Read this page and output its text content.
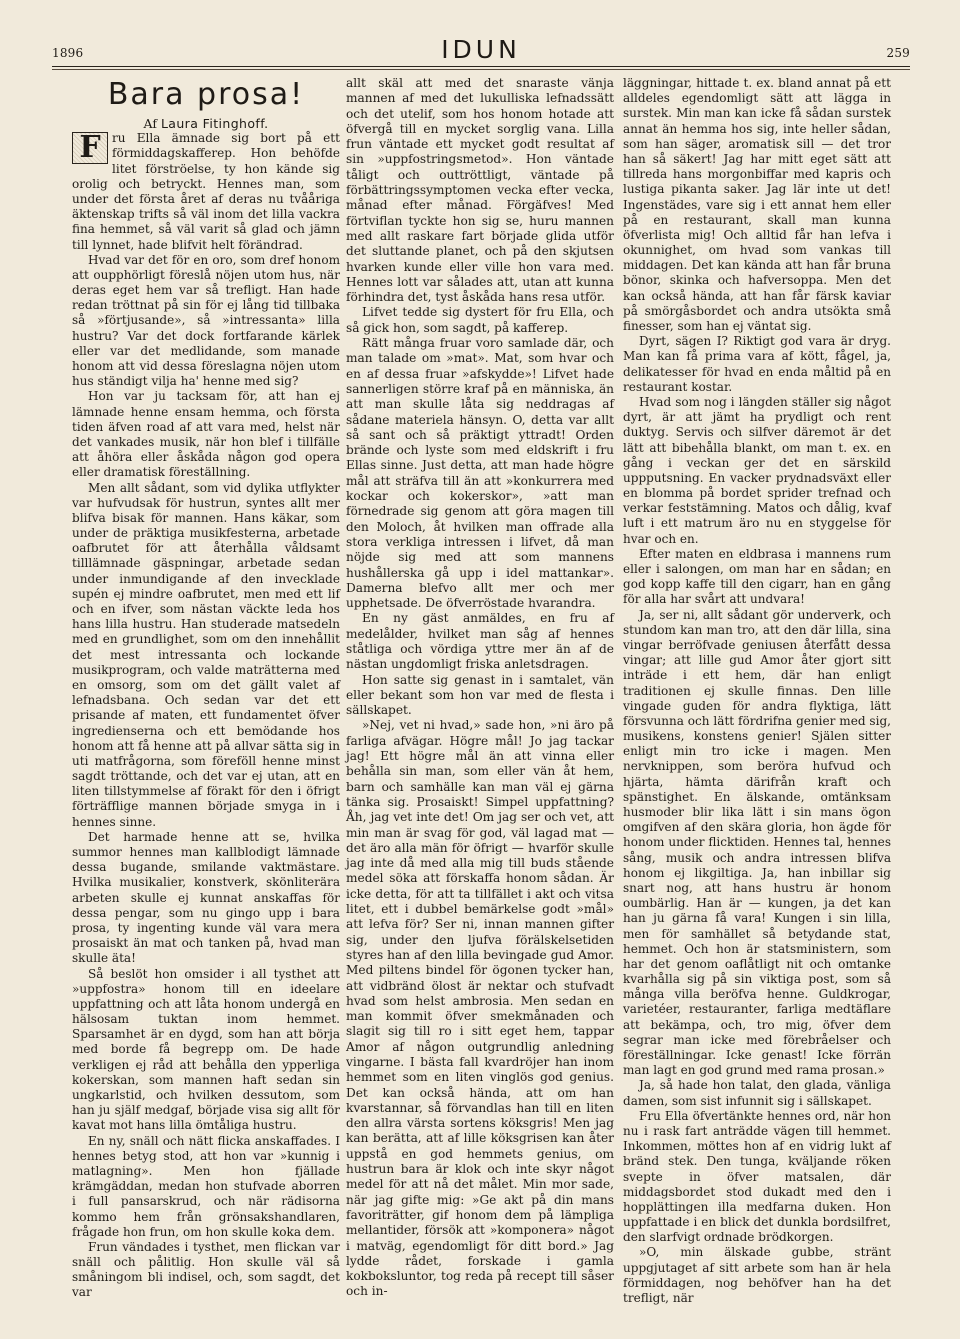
1896	IDUN	259
Bara prosa!

Af Laura Fitinghoff.

F ru Ella ämnade sig bort på ett förmiddagskafferep. Hon behöfde litet förströelse, ty hon kände sig orolig och betryckt. Hennes man, som under det första året af deras nu tvååriga äktenskap trifts så väl inom det lilla vackra fina hemmet, så väl varit så glad och jämn till lynnet, hade blifvit helt förändrad.

Hvad var det för en oro, som dref honom att oupphörligt föreslå nöjen utom hus, när deras eget hem var så trefligt. Han hade redan tröttnat på sin för ej lång tid tillbaka så »förtjusande», så »intressanta» lilla hustru? Var det dock fortfarande kärlek eller var det medlidande, som manade honom att vid dessa föreslagna nöjen utom hus ständigt vilja ha' henne med sig?

Hon var ju tacksam för, att han ej lämnade henne ensam hemma, och första tiden äfven road af att vara med, helst när det vankades musik, när hon blef i tillfälle att åhöra eller åskåda någon god opera eller dramatisk föreställning.

Men allt sådant, som vid dylika utflykter var hufvudsak för hustrun, syntes allt mer blifva bisak för mannen. Hans käkar, som under de präktiga musikfesterna, arbetade oafbrutet för att återhålla våldsamt tilllämnade gäspningar, arbetade sedan under inmundigande af den invecklade supén ej mindre oafbrutet, men med ett lif och en ifver, som nästan väckte leda hos hans lilla hustru. Han studerade matsedeln med en grundlighet, som om den innehållit det mest intressanta och lockande musikprogram, och valde maträtterna med en omsorg, som om det gällt valet af lefnadsbana. Och sedan var det ett prisande af maten, ett fundamentet öfver ingredienserna och ett bemödande hos honom att få henne att på allvar sätta sig in uti matfrågorna, som föreföll henne minst sagdt tröttande, och det var ej utan, att en liten tillstymmelse af förakt för den i öfrigt förträfflige mannen började smyga in i hennes sinne.

Det harmade henne att se, hvilka summor hennes man kallblodigt lämnade dessa bugande, smilande vaktmästare. Hvilka musikalier, konstverk, skönliterära arbeten skulle ej kunnat anskaffas för dessa pengar, som nu gingo upp i bara prosa, ty ingenting kunde väl vara mera prosaiskt än mat och tanken på, hvad man skulle äta!

Så beslöt hon omsider i all tysthet att »uppfostra» honom till en ideelare uppfattning och att låta honom undergå en hälsosam tuktan inom hemmet. Sparsamhet är en dygd, som han att börja med borde få begrepp om. De hade verkligen ej råd att behålla den ypperliga kokerskan, som mannen haft sedan sin ungkarlstid, och hvilken dessutom, som han ju själf medgaf, började visa sig allt för kavat mot hans lilla ömtåliga hustru.

En ny, snäll och nätt flicka anskaffades. I hennes betyg stod, att hon var »kunnig i matlagning». Men hon fjällade krämgäddan, medan hon stufvade aborren i full pansarskrud, och när rädisorna kommo hem från grönsakshandlaren, frågade hon frun, om hon skulle koka dem.

Frun vändades i tysthet, men flickan var snäll och pålitlig. Hon skulle väl så småningom bli indisel, och, som sagdt, det var

allt skäl att med det snaraste vänja mannen af med det lukulliska lefnadssätt och det utelif, som hos honom hotade att öfvergå till en mycket sorglig vana. Lilla frun väntade ett mycket godt resultat af sin »uppfostringsmetod». Hon väntade tåligt och outtröttligt, väntade på förbättringssymptomen vecka efter vecka, månad efter månad. Förgäfves! Med förtviflan tyckte hon sig se, huru mannen med allt raskare fart började glida utför det sluttande planet, och på den skjutsen hvarken kunde eller ville hon vara med. Hennes lott var sålades att, utan att kunna förhindra det, tyst åskåda hans resa utför.

Lifvet tedde sig dystert för fru Ella, och så gick hon, som sagdt, på kafferep.

Rätt många fruar voro samlade där, och man talade om »mat». Mat, som hvar och en af dessa fruar »afskydde»! Lifvet hade sannerligen större kraf på en människa, än att man skulle låta sig neddragas af sådane materiela hänsyn. O, detta var allt så sant och så präktigt yttradt! Orden brände och lyste som med eldskrift i fru Ellas sinne. Just detta, att man hade högre mål att sträfva till än att »konkurrera med kockar och kokerskor», »att man förnedrade sig genom att göra magen till den Moloch, åt hvilken man offrade alla stora verkliga intressen i lifvet, då man nöjde sig med att som mannens hushållerska gå upp i idel mattankar». Damerna blefvo allt mer och mer upphetsade. De öfverröstade hvarandra.

En ny gäst anmäldes, en fru af medelålder, hvilket man såg af hennes ståtliga och vördiga yttre mer än af de nästan ungdomligt friska anletsdragen.

Hon satte sig genast in i samtalet, vän eller bekant som hon var med de flesta i sällskapet.

»Nej, vet ni hvad,» sade hon, »ni äro på farliga afvägar. Högre mål! Jo jag tackar jag! Ett högre mål än att vinna eller behålla sin man, som eller vän åt hem, barn och samhälle kan man väl ej gärna tänka sig. Prosaiskt! Simpel uppfattning? Åh, jag vet inte det! Om jag ser och vet, att min man är svag för god, väl lagad mat — det äro alla män för öfrigt — hvarför skulle jag inte då med alla mig till buds stående medel söka att förskaffa honom sådan. Är icke detta, för att ta tillfället i akt och vitsa litet, ett i dubbel bemärkelse godt »mål» att lefva för? Ser ni, innan mannen gifter sig, under den ljufva förälskelsetiden styres han af den lilla bevingade gud Amor. Med piltens bindel för ögonen tycker han, att vidbränd ölost är nektar och stufvadt hvad som helst ambrosia. Men sedan en man kommit öfver smekmånaden och slagit sig till ro i sitt eget hem, tappar Amor af någon outgrundlig anledning vingarne. I bästa fall kvardröjer han inom hemmet som en liten vinglös god genius. Det kan också hända, att om han kvarstannar, så förvandlas han till en liten den allra värsta sortens köksgris! Men jag kan berätta, att af lille köksgrisen kan åter uppstå en god hemmets genius, om hustrun bara är klok och inte skyr något medel för att nå det målet. Min mor sade, när jag gifte mig: »Ge akt på din mans favoriträtter, gif honom dem på lämpliga mellantider, försök att »komponera» något i matväg, egendomligt för ditt bord.» Jag lydde rådet, forskade i gamla kokboksluntor, tog reda på recept till såser och in-

läggningar, hittade t. ex. bland annat på ett alldeles egendomligt sätt att lägga in surstek. Min man kan icke få sådan surstek annat än hemma hos sig, inte heller sådan, som han säger, aromatisk sill — det tror han så säkert! Jag har mitt eget sätt att tillreda hans morgonbiffar med kapris och lustiga pikanta saker. Jag lär inte ut det! Ingenstädes, vare sig i ett annat hem eller på en restaurant, skall man kunna öfverlista mig! Och alltid får han lefva i okunnighet, om hvad som vankas till middagen. Det kan kända att han får bruna bönor, skinka och hafversoppa. Men det kan också hända, att han får färsk kaviar på smörgåsbordet och andra utsökta små finesser, som han ej väntat sig.

Dyrt, sägen I? Riktigt god vara är dryg. Man kan få prima vara af kött, fågel, ja, delikatesser för hvad en enda måltid på en restaurant kostar.

Hvad som nog i längden ställer sig något dyrt, är att jämt ha prydligt och rent duktyg. Servis och silfver däremot är det lätt att bibehålla blankt, om man t. ex. en gång i veckan ger det en särskild uppputsning. En vacker prydnadsväxt eller en blomma på bordet sprider trefnad och verkar feststämning. Matos och dålig, kvaf luft i ett matrum äro nu en styggelse för hvar och en.

Efter maten en eldbrasa i mannens rum eller i salongen, om man har en sådan; en god kopp kaffe till den cigarr, han en gång för alla har svårt att undvara!

Ja, ser ni, allt sådant gör underverk, och stundom kan man tro, att den där lilla, sina vingar berröfvade geniusen återfått dessa vingar; att lille gud Amor åter gjort sitt inträde i ett hem, där han enligt traditionen ej skulle finnas. Den lille vingade guden för andra flyktiga, lätt försvunna och lätt fördrifna genier med sig, musikens, konstens genier! Själen sitter enligt min tro icke i magen. Men nervknippen, som beröra hufvud och hjärta, hämta därifrån kraft och spänstighet. En älskande, omtänksam husmoder blir lika lätt i sin mans ögon omgifven af den skära gloria, hon ägde för honom under flicktiden. Hennes tal, hennes sång, musik och andra intressen blifva honom ej likgiltiga. Ja, han inbillar sig snart nog, att hans hustru är honom oumbärlig. Han är — kungen, ja det kan han ju gärna få vara! Kungen i sin lilla, men för samhället så betydande stat, hemmet. Och hon är statsministern, som har det genom oaflåtligt nit och omtanke kvarhålla sig på sin viktiga post, som så många villa beröfva henne. Guldkrogar, varietéer, restauranter, farliga medtäflare att bekämpa, och, tro mig, öfver dem segrar man icke med förebråelser och föreställningar. Icke genast! Icke förrän man lagt en god grund med rama prosan.»

Ja, så hade hon talat, den glada, vänliga damen, som sist infunnit sig i sällskapet.

Fru Ella öfvertänkte hennes ord, när hon nu i rask fart anträdde vägen till hemmet. Inkommen, möttes hon af en vidrig lukt af bränd stek. Den tunga, kväljande röken svepte in öfver matsalen, där middagsbordet stod dukadt med den i hopplättingen illa medfarna duken. Hon uppfattade i en blick det dunkla bordsilfret, den slarfvigt ordnade brödkorgen.

»O, min älskade gubbe, stränt uppgjutaget af sitt arbete som han är hela förmiddagen, nog behöfver han ha det trefligt, när
